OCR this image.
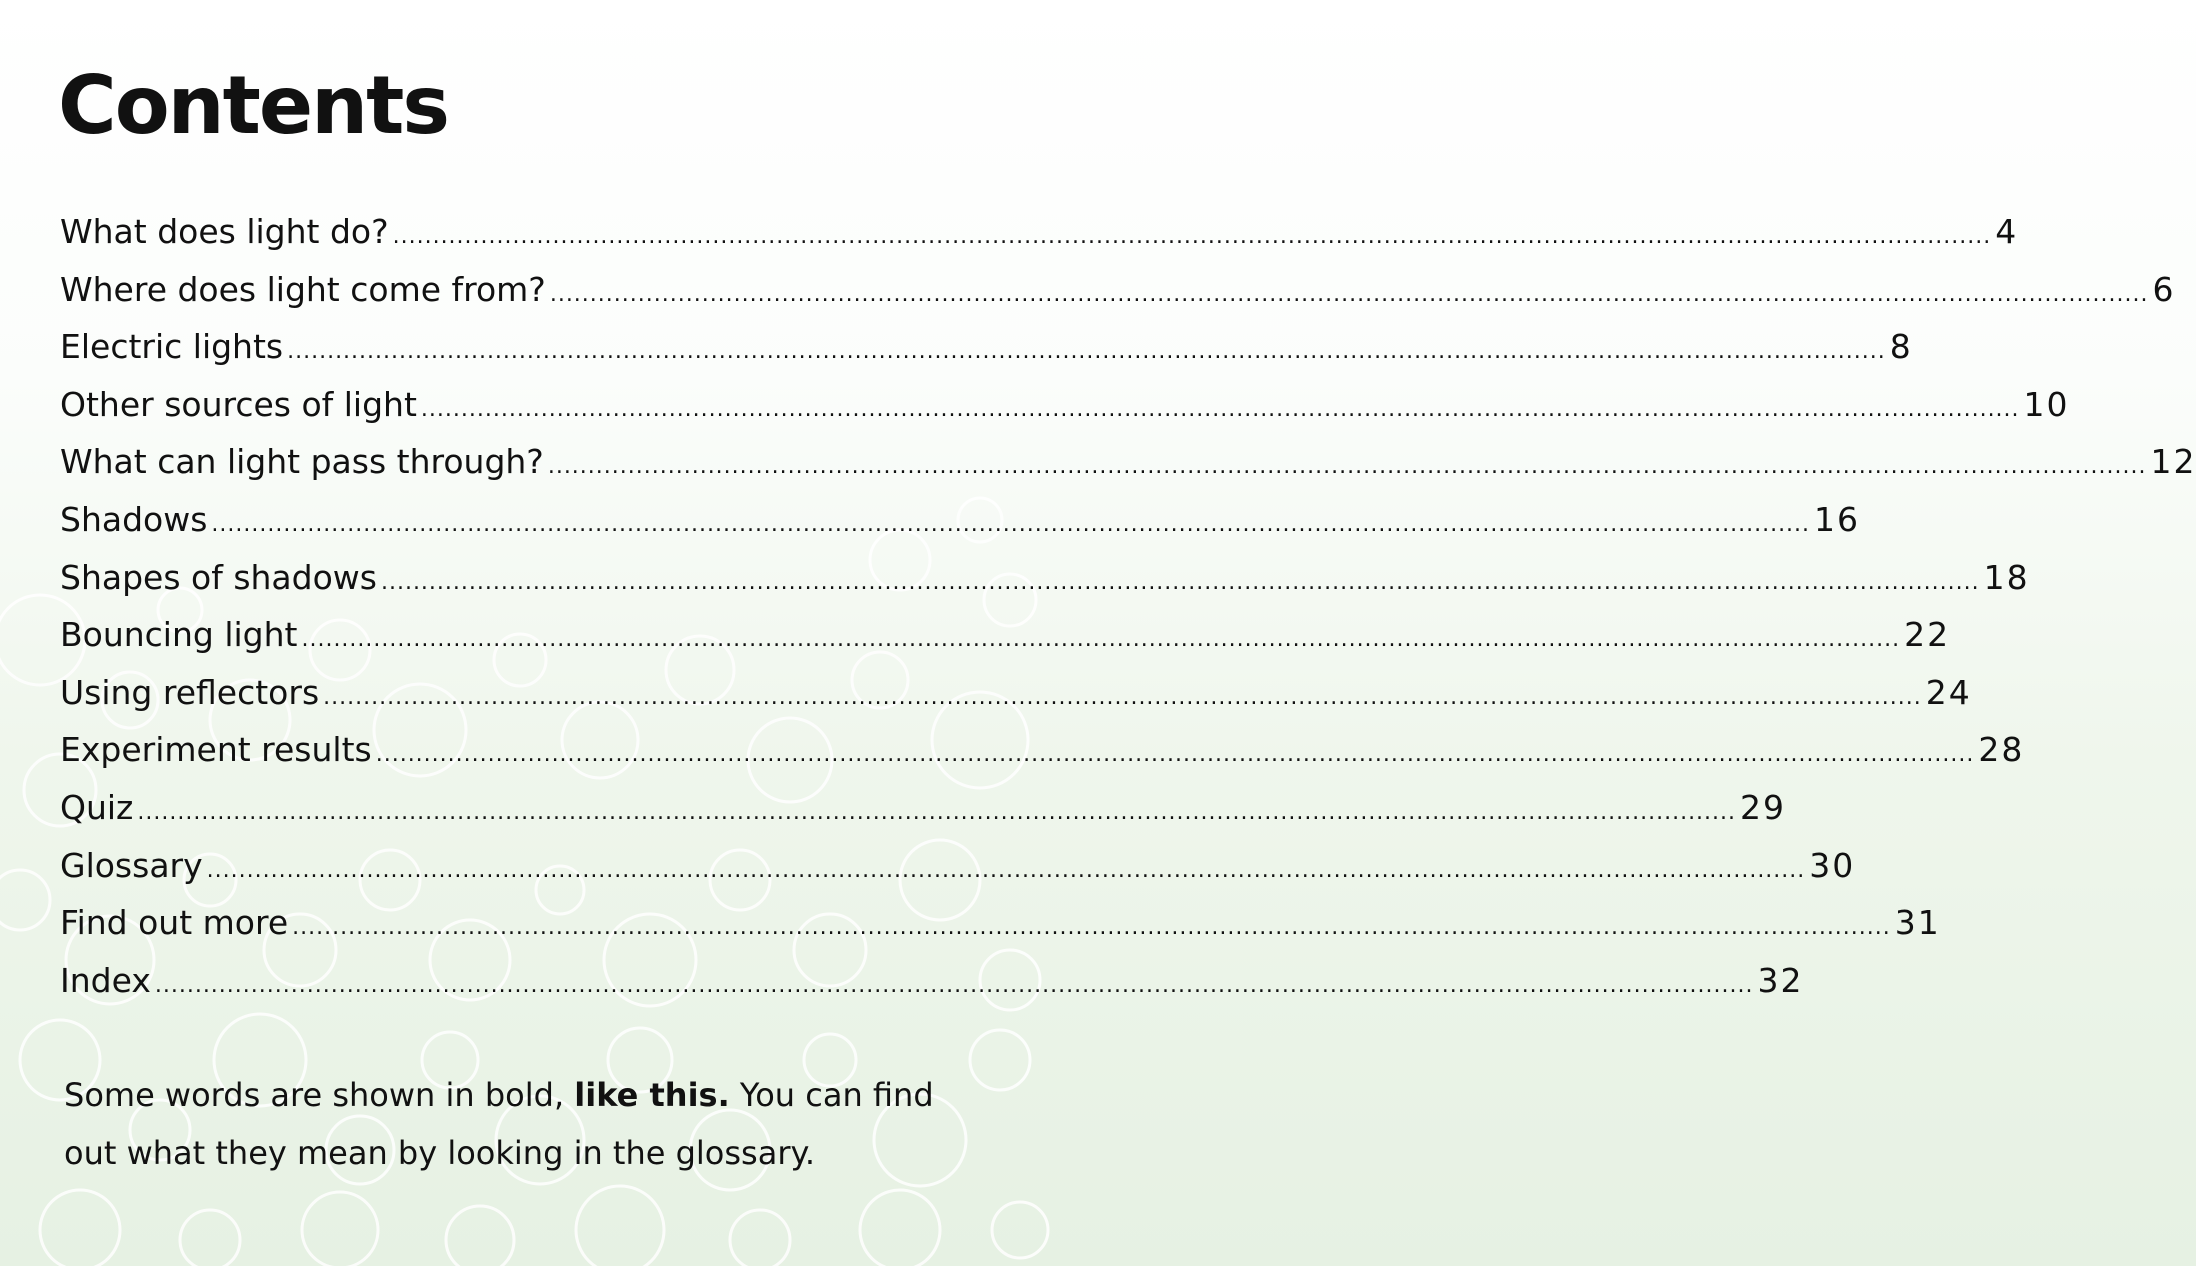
Contents
What does light do? ........................................................................................................................................................................................................ 4
Where does light come from? ........................................................................................................................................................................................................ 6
Electric lights ........................................................................................................................................................................................................ 8
Other sources of light ........................................................................................................................................................................................................ 10
What can light pass through? ........................................................................................................................................................................................................ 12
Shadows ........................................................................................................................................................................................................ 16
Shapes of shadows ........................................................................................................................................................................................................ 18
Bouncing light ........................................................................................................................................................................................................ 22
Using reflectors ........................................................................................................................................................................................................ 24
Experiment results ........................................................................................................................................................................................................ 28
Quiz ........................................................................................................................................................................................................ 29
Glossary ........................................................................................................................................................................................................ 30
Find out more ........................................................................................................................................................................................................ 31
Index ........................................................................................................................................................................................................ 32

Some words are shown in bold, like this. You can find out what they mean by looking in the glossary.
